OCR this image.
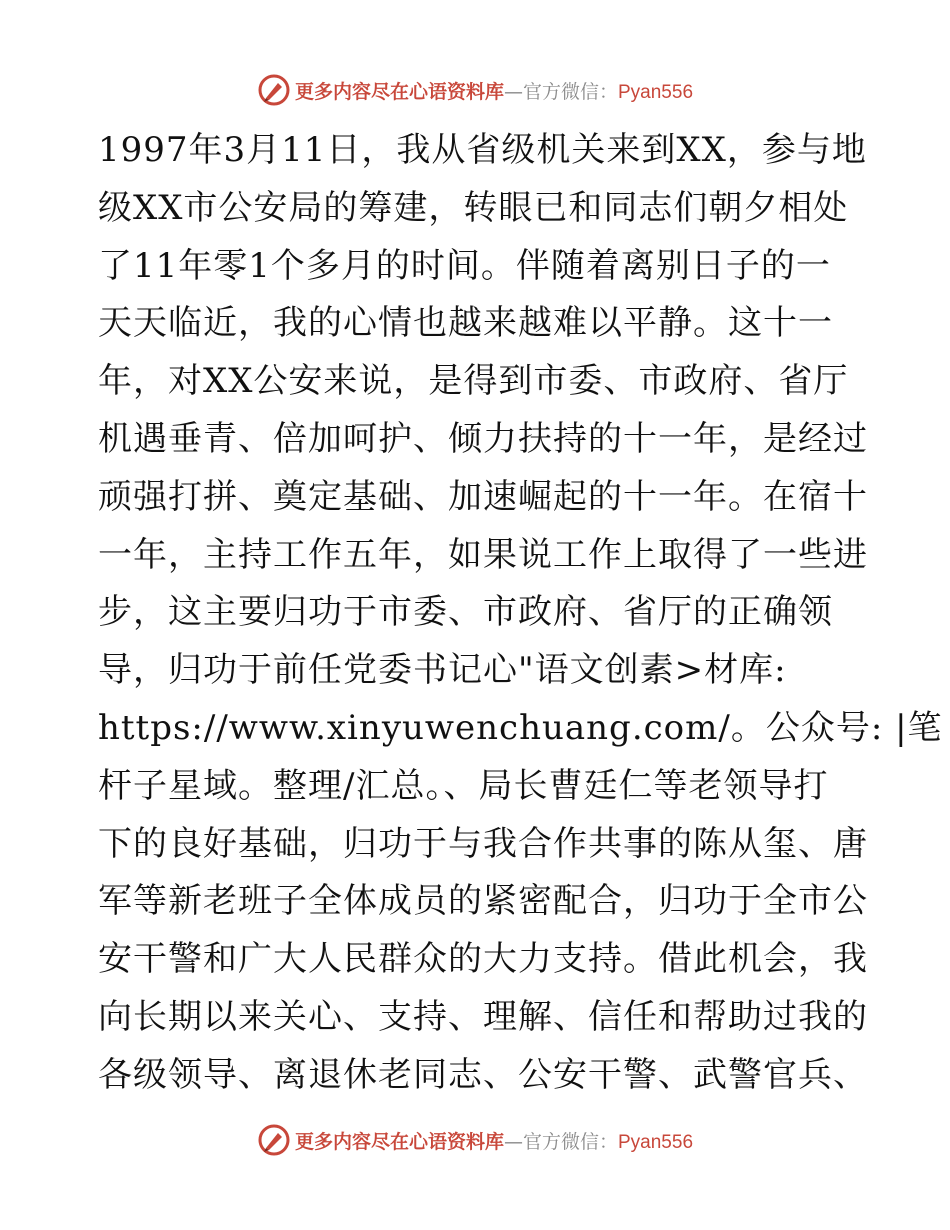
更多内容尽在心语资料库—官方微信：Pyan556
1997年3月11日，我从省级机关来到XX，参与地
级XX市公安局的筹建，转眼已和同志们朝夕相处
了11年零1个多月的时间。伴随着离别日子的一
天天临近，我的心情也越来越难以平静。这十一
年，对XX公安来说，是得到市委、市政府、省厅
机遇垂青、倍加呵护、倾力扶持的十一年，是经过
顽强打拼、奠定基础、加速崛起的十一年。在宿十
一年，主持工作五年，如果说工作上取得了一些进
步，这主要归功于市委、市政府、省厅的正确领
导，归功于前任党委书记心"语文创素>材库:
https://www.xinyuwenchuang.com/。公众号: |笔
杆子星域。整理/汇总。、局长曹廷仁等老领导打
下的良好基础，归功于与我合作共事的陈从玺、唐
军等新老班子全体成员的紧密配合，归功于全市公
安干警和广大人民群众的大力支持。借此机会，我
向长期以来关心、支持、理解、信任和帮助过我的
各级领导、离退休老同志、公安干警、武警官兵、
更多内容尽在心语资料库—官方微信：Pyan556
